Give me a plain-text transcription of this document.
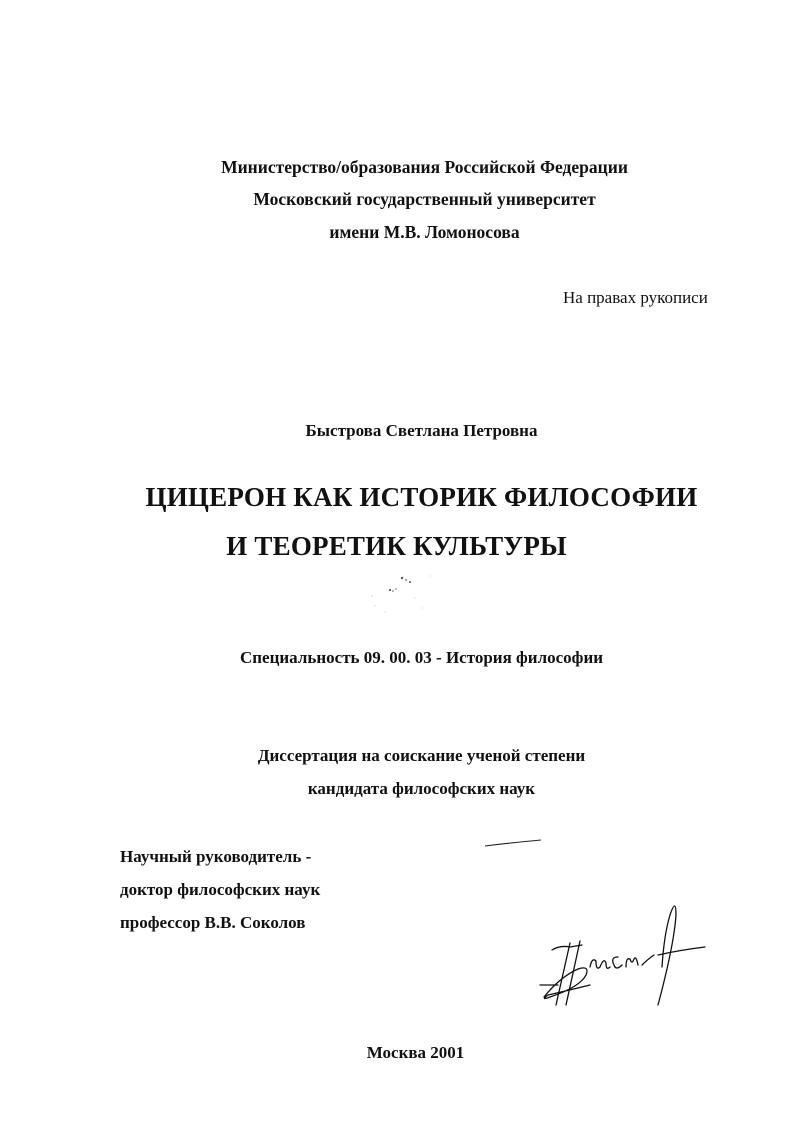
Министерство/образования Российской Федерации
Московский государственный университет
имени М.В. Ломоносова
На правах рукописи
Быстрова Светлана Петровна
ЦИЦЕРОН КАК ИСТОРИК ФИЛОСОФИИ
И ТЕОРЕТИК КУЛЬТУРЫ
Специальность 09. 00. 03 - История философии
Диссертация на соискание ученой степени
кандидата философских наук
Научный руководитель -
доктор философских наук
профессор В.В. Соколов
Москва 2001
